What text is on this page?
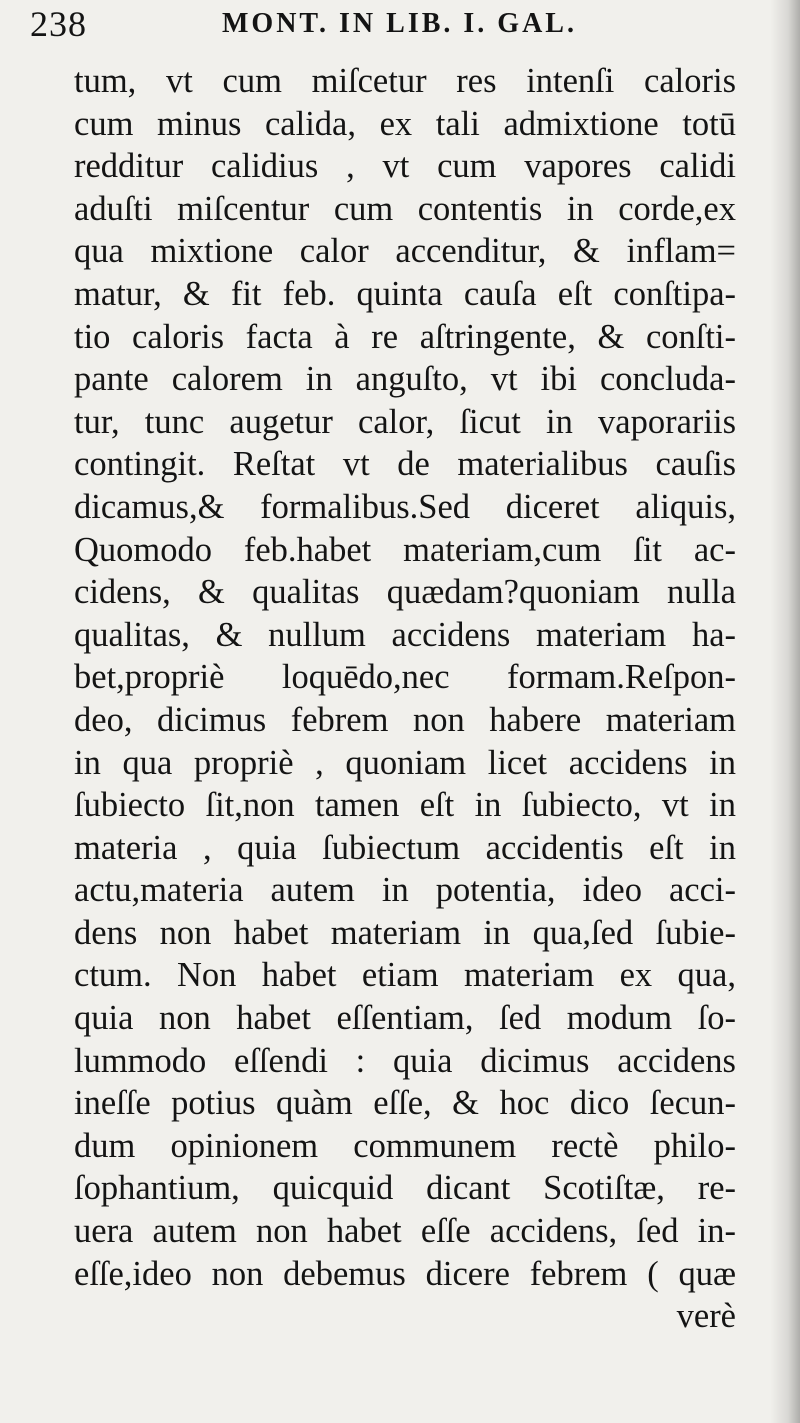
238	MONT. IN LIB. I. GAL.
tum, vt cum miſcetur res intenſi caloris
cum minus calida, ex tali admixtione totū
redditur calidius , vt cum vapores calidi
aduſti miſcentur cum contentis in corde,ex
qua mixtione calor accenditur, & inflam=
matur, & fit feb. quinta cauſa eſt conſtipa-
tio caloris facta à re aſtringente, & conſti-
pante calorem in anguſto, vt ibi concluda-
tur, tunc augetur calor, ſicut in vaporariis
contingit. Reſtat vt de materialibus cauſis
dicamus,& formalibus.Sed diceret aliquis,
Quomodo feb.habet materiam,cum ſit ac-
cidens, & qualitas quædam?quoniam nulla
qualitas, & nullum accidens materiam ha-
bet,propriè loquēdo,nec formam.Reſpon-
deo, dicimus febrem non habere materiam
in qua propriè , quoniam licet accidens in
ſubiecto ſit,non tamen eſt in ſubiecto, vt in
materia , quia ſubiectum accidentis eſt in
actu,materia autem in potentia, ideo acci-
dens non habet materiam in qua,ſed ſubie-
ctum. Non habet etiam materiam ex qua,
quia non habet eſſentiam, ſed modum ſo-
lummodo eſſendi : quia dicimus accidens
ineſſe potius quàm eſſe, & hoc dico ſecun-
dum opinionem communem rectè philo-
ſophantium, quicquid dicant Scotiſtæ, re-
uera autem non habet eſſe accidens, ſed in-
eſſe,ideo non debemus dicere febrem ( quæ
verè
